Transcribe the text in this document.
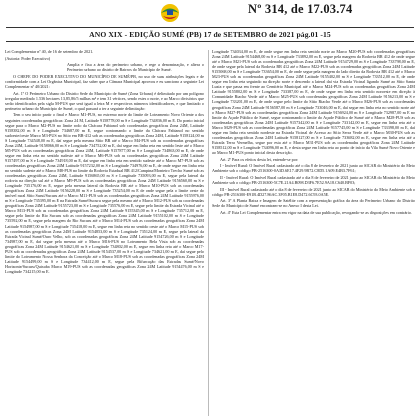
Nº 314, de 17.03.74
ANO XIX - EDIÇÃO SUMÉ (PB) 17 de SETEMBRO de 2021 pág.01 -15

Lei Complementar nº 40, de 16 de setembro de 2021.

(Autoria: Poder Executivo)

Amplia e fixa a área do perímetro urbano, e rege a denominação, e altera o Perímetro urbano ao distrito de Bairros do Município de Sumé.

O CHEFE DO PODER EXECUTIVO DO MUNICÍPIO DE SUMÉ/PB, no uso de suas atribuições legais e de conformidade com a Lei Orgânica Municipal, faz saber que a Câmara Municipal aprovou e eu sanciono a seguinte Lei Complementar nº 40/2021:

Art. 1º O Perímetro Urbano do Distrito Sede do Município de Sumé (Zona Urbana) é delimitado por um polígono irregular medindo 1.536 hectares 13,85,86/5 milhas m² e tem 31 vértices, sendo estes o norte, e ao Marco divisórios que serão identificados pela sigla M-PUS que será igual a letra M e respectivos números identificadores, e que limitado o perímetro urbano do Município de Sumé, o qual passará a ter a seguinte delimitação:

Tem o seu início partir o final e Marco M1-PUS, no extremo norte do limite de Loteamento Novo Oriente a dos seguintes coordenadas geográficas: Zona 24 M, Latitude 9158778,00 m S e Longitude 734836,00 m E. Do ponto inicial segue para o Marco M2-PUS no limite rodo da Chácara Fabianol sob coordenadas geográficas Zona 24M, Latitude 9158382,00 m S e Longitude 734687,00 m E, segue contornando o limite da Chácara Fabianol no sentido sudoeste/oeste Marco M3-PUS no Sítio em BR-412 sob as coordenadas geográficas Zona 24M, Latitude 9158124,00 m S Longitude 734548,00 m E, daí segue pela mesma Sítio BR até o Marco M4-PUS sob as coordenadas geográficas Zona 24M, Latitude 9158066,00 m S e Longitude 734752,00 m E, daí segue em linha reta em sentido leste até o Marco M5-PUS sob as coordenadas geográficas Zona 24M, Latitude 9157877,00 m S e Longitude 734863,00 m E, de onde segue em linha reta no sentido sudeste até o Marco M6-PUS sob as coordenadas geográficas Zona 24M Latitude 9157497,00 m S e Longitude 734918,00 m E, daí segue em linha reta em sentido sudeste até o Marco M7-PUS sob as coordenadas geográficas Zona 24M Latitude 9157232,00 m S e Longitude 734976,00 m E, de onde segue em linha reta no sentido sudeste até o Marco M8-PUS no limite da Rodovia Estadual BR 412/Campina/Monteiro Trecho Sumé sob as coordenadas geográficas Zona 24M, Latitude 9156865,00 m S e Longitude 735093,00 m E, segue pela lateral da rodovia na direção sul até o Marco M9-PUS sob as coordenadas geográficas Zona 24M Latitude 9156560,00 m S e Longitude 735176,00 m E, segue pela mesma lateral da Rodovia BR até o Marco M10-PUS sob as coordenadas geográficas Zona 24M Latitude 9156228,00 m S e Longitude 735254,00 m E de onde segue pela o limite oeste do imóvel rural Sítio Suruí/Sucuru até o Marco M11-PUS sob as coordenadas geográficas Zona 24M Latitude 9155976,00 m S e Longitude 735395,00 m E na Estrada Sumé/Sucuru segue pela mesmo até o Marco M12-PUS sob as coordenadas geográficas Zona 24M Latitude 9155723,00 m S e Longitude 735576,00 m E, segue pelo limite da Estrada Vicinal até o Marco M13-PUS sob as coordenadas geográficas Zona 24M Latitude 9155345,00 m S e Longitude 735712,00 m E, segue pelo limite do Rio Sucuru sob as coordenadas geográficas Zona 24M Latitude 9155102,00 m S e Longitude 735592,00 m E, segue pela margem do Rio Sucuru até o Marco M14-PUS sob as coordenadas geográficas Zona 24M Latitude 9154987,00 m S e Longitude 735418,00 m E, segue em linha reta no sentido oeste até o Marco M15-PUS sob as coordenadas geográficas Zona 24M Latitude 9154853,00 m S e Longitude 735124,00 m E, segue pela lateral da Estrada Vicinal Sumé/Ouro Velho, sob as coordenadas geográficas Zona 24M Latitude 9154726,00 m S e Longitude 734987,00 m E, daí segue pela mesma até o Marco M16-PUS no Loteamento Bela Vista sob as coordenadas geográficas Zona 24M Latitude 9154621,00 m S e Longitude 734802,00 m E, segue em linha reta até o Marco M17-PUS sob as coordenadas geográficas Zona 24M Latitude 9154537,00 m S e Longitude 734621,00 m E, daí segue pelo limite do Loteamento Nossa Senhora da Conceição até o Marco M18-PUS sob as coordenadas geográficas Zona 24M Latitude 9154499,00 m S e Longitude 734412,00 m E, segue pela Bifurcação das Estradas Sumé/Novo Horizonte/Sucuru/Quixaba Marco M19-PUS sob as coordenadas geográficas Zona 24M Latitude 9154476,00 m S e Longitude 734215,00 m E.

Longitude 734034,00 m E, de onde segue em linha reta sentido norte ao Marco M20-PUS sob coordenadas geográficas Zona 24M Latitude 9154468,00 m S e Longitude 733892,00 m E, segue pela margem da Rodovia BR 412 de onde segue até o Marco M21-PUS sob as coordenadas geográficas Zona 24M Latitude 9154729,00 m S e Longitude 733798,00 m E, de onde segue pela lateral da Rodovia BR 412 até o Marco M22-PUS sob as coordenadas geográficas Zona 24M Latitude 9155068,00 m S e Longitude 733654,00 m E, de onde segue pela margem do lado direito da Rodovia BR 412 até o Marco M23-PUS sob as coordenadas geográficas Zona 24M Latitude 9155402,00 m S e Longitude 733512,00 m E, de onde segue em linha reta seguindo na direção norte e descendo a lateral daí via Estrada Vicinal ligando Sumé ao Sítio Santa Luzia e que passa em frente ao Cemitério Municipal até o Marco M24-PUS sob as coordenadas geográficas Zona 24M Latitude 9155802,00 m S e Longitude 733387,00 m E, de onde segue em linha reta sentido noroeste em direção à Comunidade Riacho Verde até o Marco M25-PUS sob coordenadas geográficas Zona 24M Latitude 9156213,00 m S e Longitude 733201,00 m E, de onde segue pelo limite do Sítio Riacho Verde até o Marco M26-PUS sob as coordenadas geográficas Zona 24M Latitude 9156587,00 m S e Longitude 733046,00 m E, daí segue em linha reta no sentido norte até o Marco M27-PUS sob as coordenadas geográficas Zona 24M Latitude 9156924,00 m S e Longitude 732987,00 m E no limite do Açude Público de Sumé, segue contornando o limite do Açude Público de Sumé até o Marco M28-PUS sob as coordenadas geográficas Zona 24M Latitude 9157342,00 m S e Longitude 733142,00 m E, segue em linha reta até o Marco M29-PUS sob as coordenadas geográficas Zona 24M Latitude 9157745,00 m S e Longitude 733398,00 m E, daí segue em linha reta sentido nordeste na Estrada Vicinal de Acesso ao Sítio Serra Verde até o Marco M30-PUS sob as coordenadas geográficas Zona 24M Latitude 9158127,00 m S e Longitude 733682,00 m E, segue em linha reta até a Estrada Terra Vermelha, segue por esta até o Marco M31-PUS sob as coordenadas geográficas Zona 24M Latitude 9158512,00 m S e Longitude 734096,00 m E, e desta segue em linha reta ao ponto de início da Vila Sumé Novo Oriente e ao Marco M1-PUS ponto inicial desta descrição.

Art. 2º Para os efeitos desta lei, entende-se por:

I - Imóvel Rural: O Imóvel Rural cadastrado até o dia 8 de fevereiro de 2021 junto ao SICAR do Ministério do Meio Ambiente sob o código PB-2516300-0A3D.6E17.4F29.9B72.C8D5.1A09.E4B3.7F61;

II - Imóvel Rural: O Imóvel Rural cadastrado até o dia 8 de fevereiro de 2021 junto ao SICAR do Ministério do Meio Ambiente sob o código PB-2516300-5C7E.21A4.B098.D3F6.7E52.9A18.C640.BF03;

III - Imóvel Rural cadastrado até o dia 8 de fevereiro de 2021 junto ao SICAR do Ministério do Meio Ambiente sob o código PB-2516300-E91B.4D27.86AC.3F05.B1E8.D472.6C93.0A5E.

Art. 3º A Planta Baixa e Imagem de Satélite com a representação gráfica da área do Perímetro Urbano do Distrito Sede do Município de Sumé encontram-se no Anexo I desta Lei.

Art. 4º Esta Lei Complementar entra em vigor na data de sua publicação, revogando-se as disposições em contrário.
